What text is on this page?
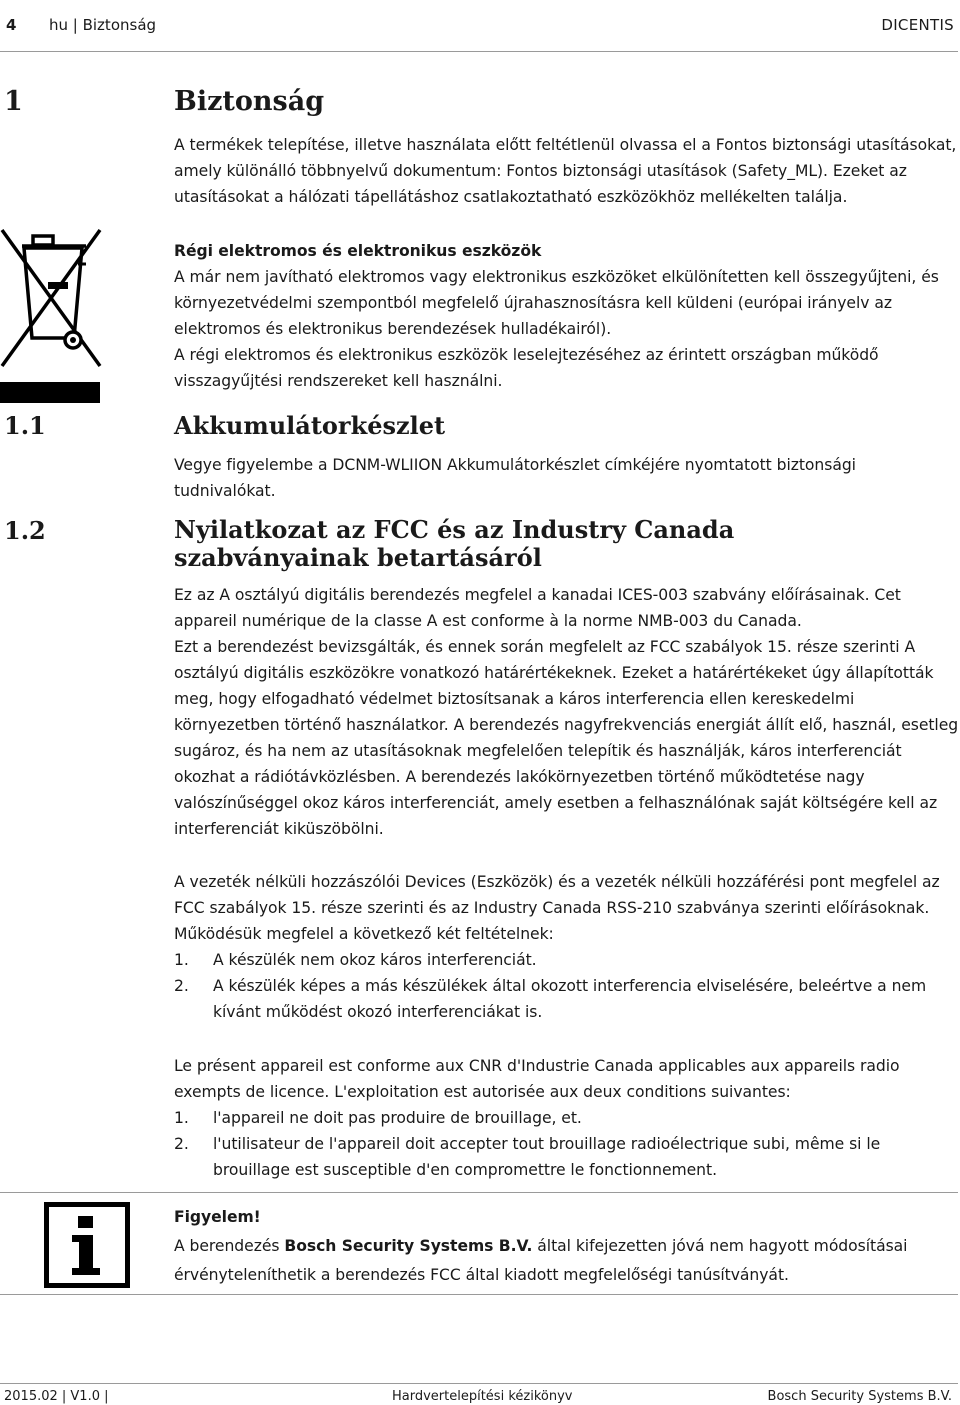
4 hu | Biztonság	DICENTIS
1	Biztonság

A termékek telepítése, illetve használata előtt feltétlenül olvassa el a Fontos biztonsági utasításokat, amely különálló többnyelvű dokumentum: Fontos biztonsági utasítások (Safety_ML). Ezeket az utasításokat a hálózati tápellátáshoz csatlakoztatható eszközökhöz mellékelten találja.

Régi elektromos és elektronikus eszközök

A már nem javítható elektromos vagy elektronikus eszközöket elkülönítetten kell összegyűjteni, és környezetvédelmi szempontból megfelelő újrahasznosításra kell küldeni (európai irányelv az elektromos és elektronikus berendezések hulladékairól).

A régi elektromos és elektronikus eszközök leselejtezéséhez az érintett országban működő visszagyűjtési rendszereket kell használni.

1.1	Akkumulátorkészlet

Vegye figyelembe a DCNM-WLIION Akkumulátorkészlet címkéjére nyomtatott biztonsági tudnivalókat.

1.2	Nyilatkozat az FCC és az Industry Canada szabványainak betartásáról

Ez az A osztályú digitális berendezés megfelel a kanadai ICES-003 szabvány előírásainak. Cet appareil numérique de la classe A est conforme à la norme NMB-003 du Canada.

Ezt a berendezést bevizsgálták, és ennek során megfelelt az FCC szabályok 15. része szerinti A osztályú digitális eszközökre vonatkozó határértékeknek. Ezeket a határértékeket úgy állapították meg, hogy elfogadható védelmet biztosítsanak a káros interferencia ellen kereskedelmi környezetben történő használatkor. A berendezés nagyfrekvenciás energiát állít elő, használ, esetleg sugároz, és ha nem az utasításoknak megfelelően telepítik és használják, káros interferenciát okozhat a rádiótávközlésben. A berendezés lakókörnyezetben történő működtetése nagy valószínűséggel okoz káros interferenciát, amely esetben a felhasználónak saját költségére kell az interferenciát kiküszöbölni.

A vezeték nélküli hozzászólói Devices (Eszközök) és a vezeték nélküli hozzáférési pont megfelel az FCC szabályok 15. része szerinti és az Industry Canada RSS-210 szabványa szerinti előírásoknak. Működésük megfelel a következő két feltételnek:

1.	A készülék nem okoz káros interferenciát.
2.	A készülék képes a más készülékek által okozott interferencia elviselésére, beleértve a nem kívánt működést okozó interferenciákat is.

Le présent appareil est conforme aux CNR d'Industrie Canada applicables aux appareils radio exempts de licence. L'exploitation est autorisée aux deux conditions suivantes:

1.	l'appareil ne doit pas produire de brouillage, et.
2.	l'utilisateur de l'appareil doit accepter tout brouillage radioélectrique subi, même si le brouillage est susceptible d'en compromettre le fonctionnement.

Figyelem!

A berendezés Bosch Security Systems B.V. által kifejezetten jóvá nem hagyott módosításai érvényteleníthetik a berendezés FCC által kiadott megfelelőségi tanúsítványát.

2015.02 | V1.0 |	Hardvertelepítési kézikönyv	Bosch Security Systems B.V.
